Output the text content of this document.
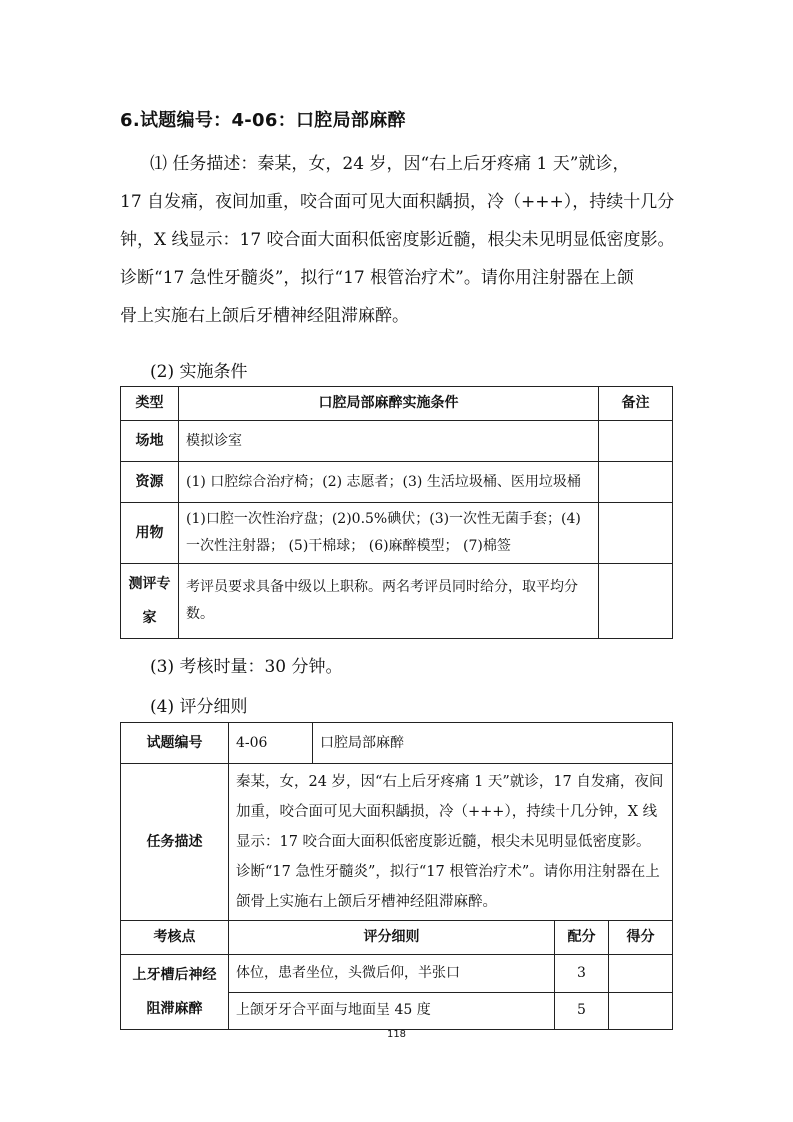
6.试题编号：4-06：口腔局部麻醉
⑴ 任务描述：秦某，女，24 岁，因“右上后牙疼痛 1 天”就诊，
17 自发痛，夜间加重，咬合面可见大面积龋损，冷（+++），持续十几分
钟，X 线显示：17 咬合面大面积低密度影近髓，根尖未见明显低密度影。
诊断“17 急性牙髓炎”，拟行“17 根管治疗术”。请你用注射器在上颌
骨上实施右上颌后牙槽神经阻滞麻醉。
(2) 实施条件
类型	口腔局部麻醉实施条件	备注
场地	模拟诊室	
资源	(1) 口腔综合治疗椅；(2) 志愿者；(3) 生活垃圾桶、医用垃圾桶	
用物	(1)口腔一次性治疗盘；(2)0.5%碘伏；(3)一次性无菌手套；(4)一次性注射器； (5)干棉球； (6)麻醉模型； (7)棉签	
测评专家	考评员要求具备中级以上职称。两名考评员同时给分，取平均分数。	
(3) 考核时量：30 分钟。
(4) 评分细则
试题编号	4-06	口腔局部麻醉		
任务描述	秦某，女，24 岁，因“右上后牙疼痛 1 天”就诊，17 自发痛，夜间加重，咬合面可见大面积龋损，冷（+++），持续十几分钟，X 线显示：17 咬合面大面积低密度影近髓，根尖未见明显低密度影。诊断“17 急性牙髓炎”，拟行“17 根管治疗术”。请你用注射器在上颌骨上实施右上颌后牙槽神经阻滞麻醉。			
考核点	评分细则		配分	得分
上牙槽后神经阻滞麻醉	体位，患者坐位，头微后仰，半张口		3	
	上颌牙牙合平面与地面呈 45 度		5	
118
